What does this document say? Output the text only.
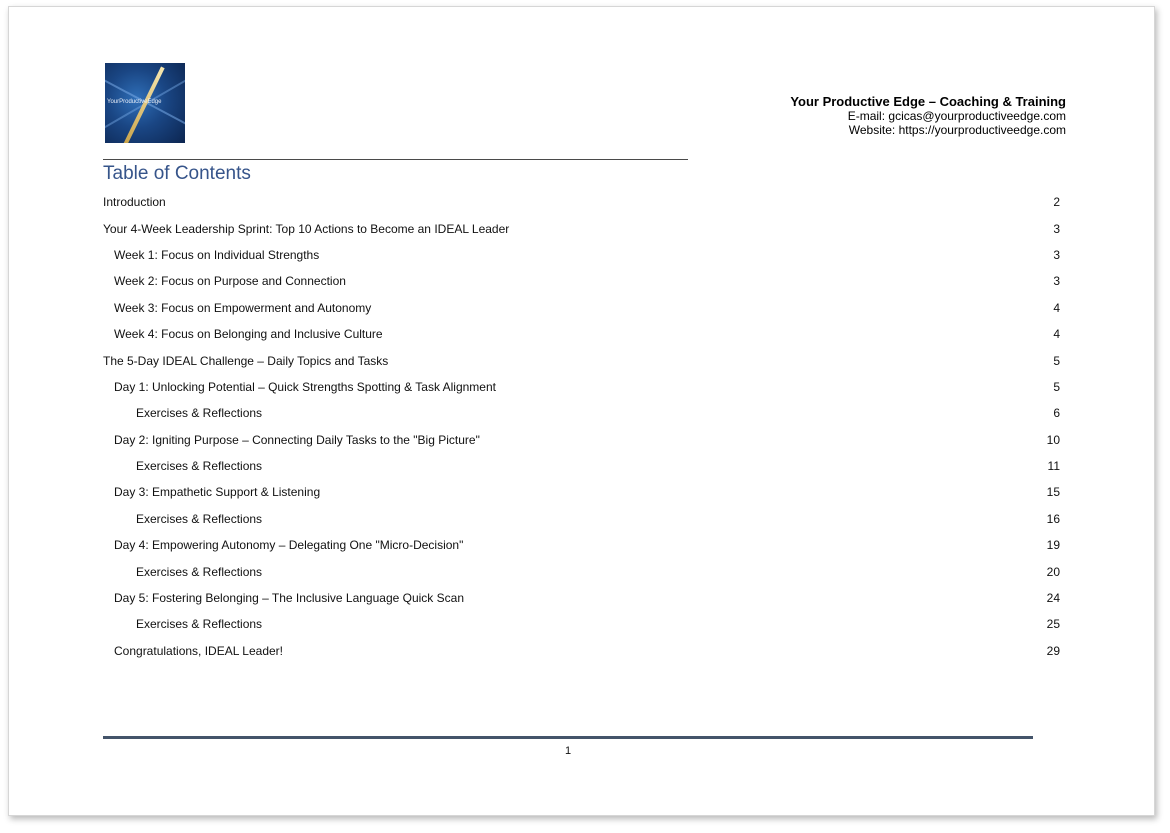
YourProductiveEdge	Your Productive Edge – Coaching & Training
E-mail: gcicas@yourproductiveedge.com
Website: https://yourproductiveedge.com
Table of Contents
Introduction	2
Your 4-Week Leadership Sprint: Top 10 Actions to Become an IDEAL Leader	3
Week 1: Focus on Individual Strengths	3
Week 2: Focus on Purpose and Connection	3
Week 3: Focus on Empowerment and Autonomy	4
Week 4: Focus on Belonging and Inclusive Culture	4
The 5-Day IDEAL Challenge – Daily Topics and Tasks	5
Day 1: Unlocking Potential – Quick Strengths Spotting & Task Alignment	5
Exercises & Reflections	6
Day 2: Igniting Purpose – Connecting Daily Tasks to the "Big Picture"	10
Exercises & Reflections	11
Day 3: Empathetic Support & Listening	15
Exercises & Reflections	16
Day 4: Empowering Autonomy – Delegating One "Micro-Decision"	19
Exercises & Reflections	20
Day 5: Fostering Belonging – The Inclusive Language Quick Scan	24
Exercises & Reflections	25
Congratulations, IDEAL Leader!	29
1
